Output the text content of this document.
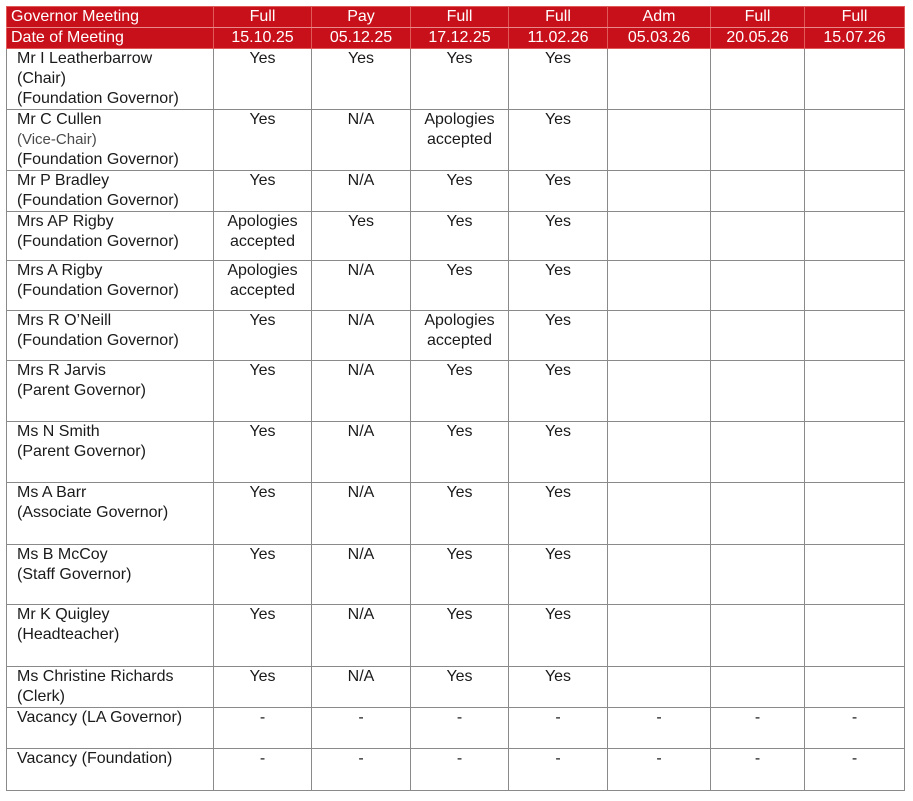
Governor Meeting	Full	Pay	Full	Full	Adm	Full	Full
Date of Meeting	15.10.25	05.12.25	17.12.25	11.02.26	05.03.26	20.05.26	15.07.26

Mr I Leatherbarrow
(Chair)
(Foundation Governor)	Yes	Yes	Yes	Yes			

Mr C Cullen
(Vice-Chair)
(Foundation Governor)	Yes	N/A	Apologies accepted	Yes			

Mr P Bradley
(Foundation Governor)	Yes	N/A	Yes	Yes			

Mrs AP Rigby
(Foundation Governor)	Apologies accepted	Yes	Yes	Yes			

Mrs A Rigby
(Foundation Governor)	Apologies accepted	N/A	Yes	Yes			

Mrs R O’Neill
(Foundation Governor)	Yes	N/A	Apologies accepted	Yes			

Mrs R Jarvis
(Parent Governor)	Yes	N/A	Yes	Yes			

Ms N Smith
(Parent Governor)	Yes	N/A	Yes	Yes			

Ms A Barr
(Associate Governor)	Yes	N/A	Yes	Yes			

Ms B McCoy
(Staff Governor)	Yes	N/A	Yes	Yes			

Mr K Quigley
(Headteacher)	Yes	N/A	Yes	Yes			

Ms Christine Richards
(Clerk)	Yes	N/A	Yes	Yes			

Vacancy (LA Governor)	-	-	-	-	-	-	-

Vacancy (Foundation)	-	-	-	-	-	-	-
